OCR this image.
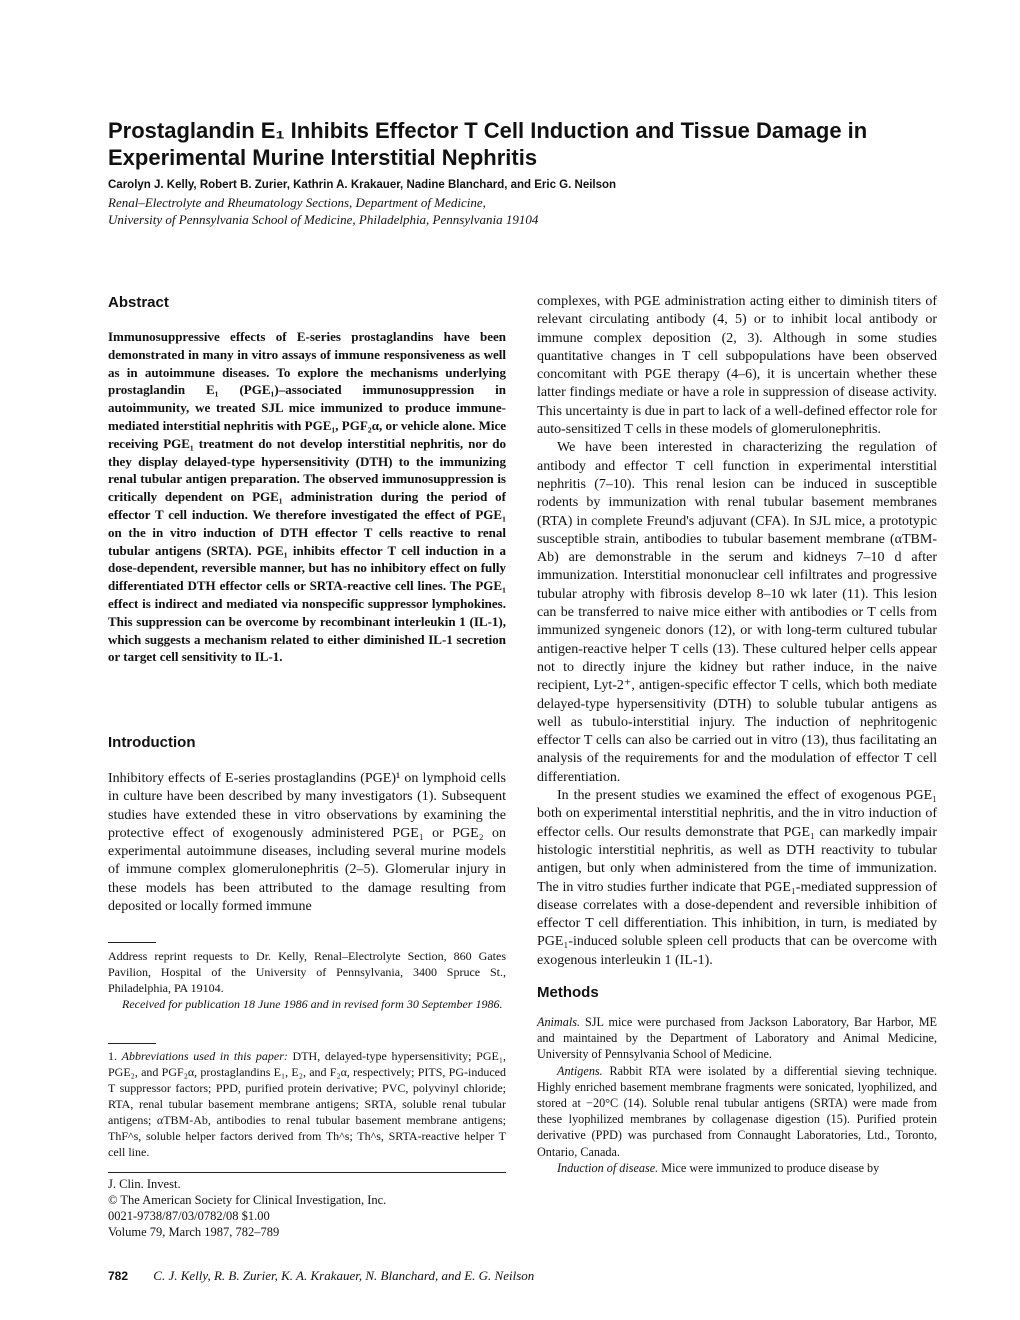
Prostaglandin E₁ Inhibits Effector T Cell Induction and Tissue Damage in Experimental Murine Interstitial Nephritis
Carolyn J. Kelly, Robert B. Zurier, Kathrin A. Krakauer, Nadine Blanchard, and Eric G. Neilson
Renal–Electrolyte and Rheumatology Sections, Department of Medicine,
University of Pennsylvania School of Medicine, Philadelphia, Pennsylvania 19104
Abstract

Immunosuppressive effects of E-series prostaglandins have been demonstrated in many in vitro assays of immune responsiveness as well as in autoimmune diseases. To explore the mechanisms underlying prostaglandin E₁ (PGE₁)–associated immunosuppression in autoimmunity, we treated SJL mice immunized to produce immune-mediated interstitial nephritis with PGE₁, PGF₂α, or vehicle alone. Mice receiving PGE₁ treatment do not develop interstitial nephritis, nor do they display delayed-type hypersensitivity (DTH) to the immunizing renal tubular antigen preparation. The observed immunosuppression is critically dependent on PGE₁ administration during the period of effector T cell induction. We therefore investigated the effect of PGE₁ on the in vitro induction of DTH effector T cells reactive to renal tubular antigens (SRTA). PGE₁ inhibits effector T cell induction in a dose-dependent, reversible manner, but has no inhibitory effect on fully differentiated DTH effector cells or SRTA-reactive cell lines. The PGE₁ effect is indirect and mediated via nonspecific suppressor lymphokines. This suppression can be overcome by recombinant interleukin 1 (IL-1), which suggests a mechanism related to either diminished IL-1 secretion or target cell sensitivity to IL-1.

Introduction

Inhibitory effects of E-series prostaglandins (PGE)¹ on lymphoid cells in culture have been described by many investigators (1). Subsequent studies have extended these in vitro observations by examining the protective effect of exogenously administered PGE₁ or PGE₂ on experimental autoimmune diseases, including several murine models of immune complex glomerulonephritis (2–5). Glomerular injury in these models has been attributed to the damage resulting from deposited or locally formed immune

Address reprint requests to Dr. Kelly, Renal–Electrolyte Section, 860 Gates Pavilion, Hospital of the University of Pennsylvania, 3400 Spruce St., Philadelphia, PA 19104.

Received for publication 18 June 1986 and in revised form 30 September 1986.

1. Abbreviations used in this paper: DTH, delayed-type hypersensitivity; PGE₁, PGE₂, and PGF₂α, prostaglandins E₁, E₂, and F₂α, respectively; PITS, PG-induced T suppressor factors; PPD, purified protein derivative; PVC, polyvinyl chloride; RTA, renal tubular basement membrane antigens; SRTA, soluble renal tubular antigens; αTBM-Ab, antibodies to renal tubular basement membrane antigens; ThF^s, soluble helper factors derived from Th^s; Th^s, SRTA-reactive helper T cell line.

J. Clin. Invest.
© The American Society for Clinical Investigation, Inc.
0021-9738/87/03/0782/08 $1.00
Volume 79, March 1987, 782–789

complexes, with PGE administration acting either to diminish titers of relevant circulating antibody (4, 5) or to inhibit local antibody or immune complex deposition (2, 3). Although in some studies quantitative changes in T cell subpopulations have been observed concomitant with PGE therapy (4–6), it is uncertain whether these latter findings mediate or have a role in suppression of disease activity. This uncertainty is due in part to lack of a well-defined effector role for auto-sensitized T cells in these models of glomerulonephritis.

We have been interested in characterizing the regulation of antibody and effector T cell function in experimental interstitial nephritis (7–10). This renal lesion can be induced in susceptible rodents by immunization with renal tubular basement membranes (RTA) in complete Freund's adjuvant (CFA). In SJL mice, a prototypic susceptible strain, antibodies to tubular basement membrane (αTBM-Ab) are demonstrable in the serum and kidneys 7–10 d after immunization. Interstitial mononuclear cell infiltrates and progressive tubular atrophy with fibrosis develop 8–10 wk later (11). This lesion can be transferred to naive mice either with antibodies or T cells from immunized syngeneic donors (12), or with long-term cultured tubular antigen-reactive helper T cells (13). These cultured helper cells appear not to directly injure the kidney but rather induce, in the naive recipient, Lyt-2⁺, antigen-specific effector T cells, which both mediate delayed-type hypersensitivity (DTH) to soluble tubular antigens as well as tubulo-interstitial injury. The induction of nephritogenic effector T cells can also be carried out in vitro (13), thus facilitating an analysis of the requirements for and the modulation of effector T cell differentiation.

In the present studies we examined the effect of exogenous PGE₁ both on experimental interstitial nephritis, and the in vitro induction of effector cells. Our results demonstrate that PGE₁ can markedly impair histologic interstitial nephritis, as well as DTH reactivity to tubular antigen, but only when administered from the time of immunization. The in vitro studies further indicate that PGE₁-mediated suppression of disease correlates with a dose-dependent and reversible inhibition of effector T cell differentiation. This inhibition, in turn, is mediated by PGE₁-induced soluble spleen cell products that can be overcome with exogenous interleukin 1 (IL-1).

Methods

Animals. SJL mice were purchased from Jackson Laboratory, Bar Harbor, ME and maintained by the Department of Laboratory and Animal Medicine, University of Pennsylvania School of Medicine.

Antigens. Rabbit RTA were isolated by a differential sieving technique. Highly enriched basement membrane fragments were sonicated, lyophilized, and stored at −20°C (14). Soluble renal tubular antigens (SRTA) were made from these lyophilized membranes by collagenase digestion (15). Purified protein derivative (PPD) was purchased from Connaught Laboratories, Ltd., Toronto, Ontario, Canada.

Induction of disease. Mice were immunized to produce disease by

782 C. J. Kelly, R. B. Zurier, K. A. Krakauer, N. Blanchard, and E. G. Neilson
